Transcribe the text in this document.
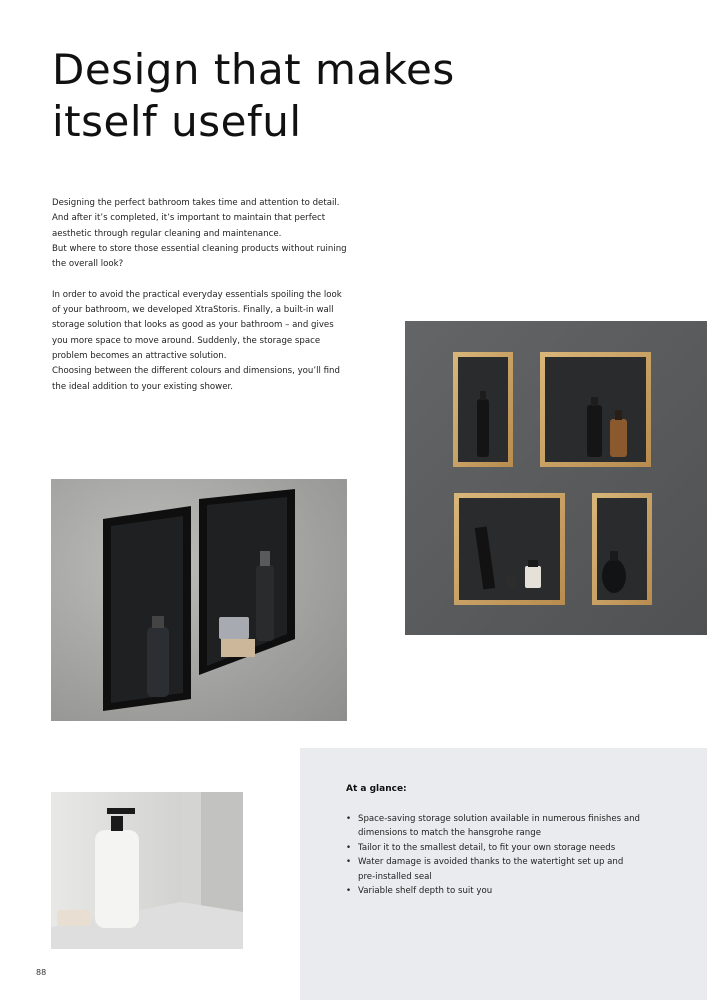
Design that makes
itself useful
Designing the perfect bathroom takes time and attention to detail.
And after it’s completed, it’s important to maintain that perfect
aesthetic through regular cleaning and maintenance.
But where to store those essential cleaning products without ruining
the overall look?
In order to avoid the practical everyday essentials spoiling the look
of your bathroom, we developed XtraStoris. Finally, a built-in wall
storage solution that looks as good as your bathroom – and gives
you more space to move around. Suddenly, the storage space
problem becomes an attractive solution.
Choosing between the different colours and dimensions, you’ll find
the ideal addition to your existing shower.

At a glance:

• Space-saving storage solution available in numerous finishes and
dimensions to match the hansgrohe range
• Tailor it to the smallest detail, to fit your own storage needs
• Water damage is avoided thanks to the watertight set up and
pre-installed seal
• Variable shelf depth to suit you
88
